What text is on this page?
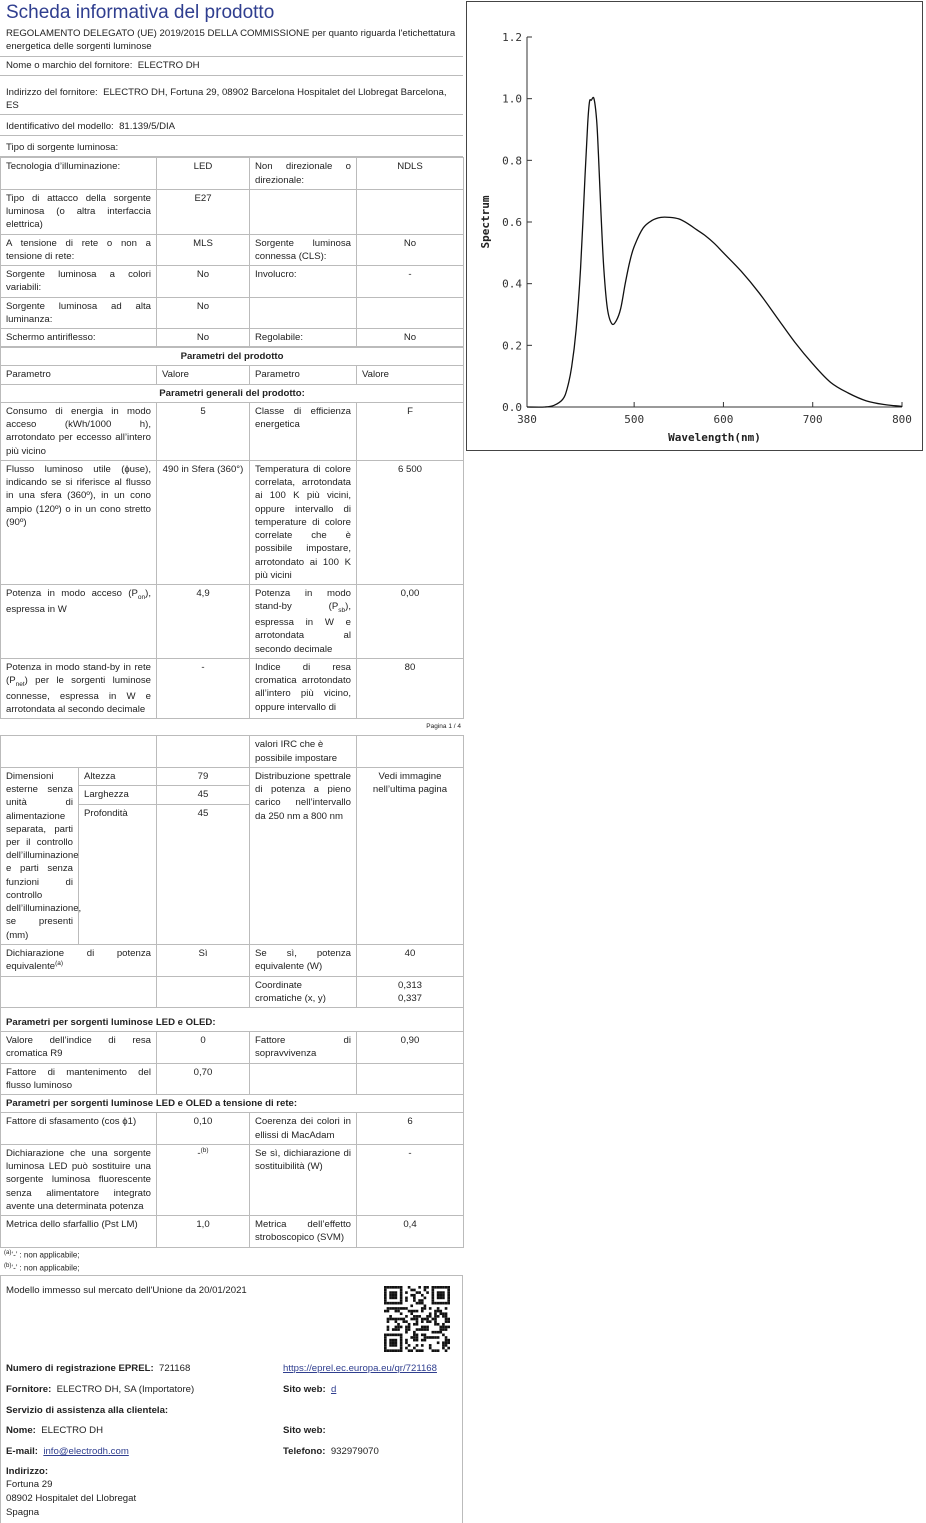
Scheda informativa del prodotto
REGOLAMENTO DELEGATO (UE) 2019/2015 DELLA COMMISSIONE per quanto riguarda l'etichettatura energetica delle sorgenti luminose
Nome o marchio del fornitore: ELECTRO DH
Indirizzo del fornitore: ELECTRO DH, Fortuna 29, 08902 Barcelona Hospitalet del Llobregat Barcelona, ES
Identificativo del modello: 81.139/5/DIA
Tipo di sorgente luminosa:
Tecnologia d’illuminazione:	LED	Non direzionale o direzionale:	NDLS
Tipo di attacco della sorgente luminosa (o altra interfaccia elettrica)	E27		
A tensione di rete o non a tensione di rete:	MLS	Sorgente luminosa connessa (CLS):	No
Sorgente luminosa a colori variabili:	No	Involucro:	-
Sorgente luminosa ad alta luminanza:	No		
Schermo antiriflesso:	No	Regolabile:	No
Parametri del prodotto			
Parametro	Valore	Parametro	Valore
Parametri generali del prodotto:			
Consumo di energia in modo acceso (kWh/1000 h), arrotondato per eccesso all’intero più vicino	5	Classe di efficienza energetica	F
Flusso luminoso utile (ɸuse), indicando se si riferisce al flusso in una sfera (360º), in un cono ampio (120º) o in un cono stretto (90º)	490 in Sfera (360°)	Temperatura di colore correlata, arrotondata ai 100 K più vicini, oppure intervallo di temperature di colore correlate che è possibile impostare, arrotondato ai 100 K più vicini	6 500
Potenza in modo acceso $(P_{on})$, espressa in W	4,9	Potenza in modo stand-by $(P_{sb})$, espressa in W e arrotondata al secondo decimale	0,00
Potenza in modo stand-by in rete $(P_{net})$ per le sorgenti luminose connesse, espressa in W e arrotondata al secondo decimale	-	Indice di resa cromatica arrotondato all’intero più vicino, oppure intervallo di	80
Pagina 1 / 4
			valori IRC che è possibile impostare	
Dimensioni esterne senza unità di alimentazione separata, parti per il controllo dell’illuminazione e parti senza funzioni di controllo dell’illuminazione, se presenti (mm)	Altezza	79	Distribuzione spettrale di potenza a pieno carico nell’intervallo da 250 nm a 800 nm	Vedi immagine nell’ultima pagina
	Larghezza	45		
	Profondità	45		
Dichiarazione di potenza equivalente$^{(a)}$		Sì	Se sì, potenza equivalente (W)	40
			Coordinate cromatiche (x, y)	0,313
0,337

Parametri per sorgenti luminose LED e OLED:				
Valore dell’indice di resa cromatica R9		0	Fattore di sopravvivenza	0,90
Fattore di mantenimento del flusso luminoso		0,70		
Parametri per sorgenti luminose LED e OLED a tensione di rete:				
Fattore di sfasamento (cos ϕ1)		0,10	Coerenza dei colori in ellissi di MacAdam	6
Dichiarazione che una sorgente luminosa LED può sostituire una sorgente luminosa fluorescente senza alimentatore integrato avente una determinata potenza		-$^{(b)}$	Se sì, dichiarazione di sostituibilità (W)	-
Metrica dello sfarfallio (Pst LM)		1,0	Metrica dell’effetto stroboscopico (SVM)	0,4
$^{(a)}$‘-’ : non applicabile;
$^{(b)}$‘-’ : non applicabile;
Modello immesso sul mercato dell'Unione da 20/01/2021
Numero di registrazione EPREL: 721168	https://eprel.ec.europa.eu/qr/721168
Fornitore: ELECTRO DH, SA (Importatore)	Sito web: d
Servizio di assistenza alla clientela:
Nome: ELECTRO DH	Sito web:
E-mail: info@electrodh.com	Telefono: 932979070
Indirizzo:
Fortuna 29
08902 Hospitalet del Llobregat
Spagna
0.0
0.2
0.4
0.6
0.8
1.0
1.2
380	500	600	700	800
Wavelength(nm)
Spectrum
